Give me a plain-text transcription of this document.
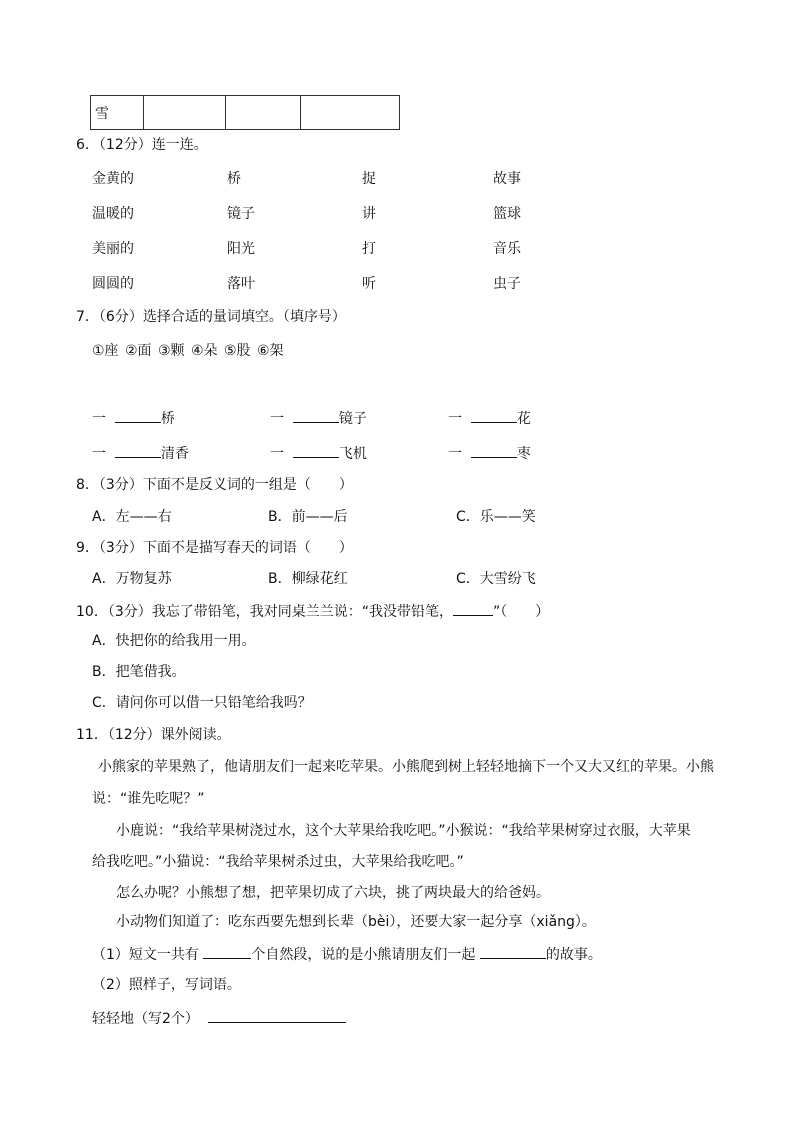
雪			
6．（12分）连一连。
金黄的	桥	捉	故事
温暖的	镜子	讲	篮球
美丽的	阳光	打	音乐
圆圆的	落叶	听	虫子
7．（6分）选择合适的量词填空。（填序号）
①座 ②面 ③颗 ④朵 ⑤股 ⑥架
一	桥	一	镜子	一	花
一	清香	一	飞机	一	枣
8．（3分）下面不是反义词的一组是（　　）
A．左——右	B．前——后	C．乐——笑
9．（3分）下面不是描写春天的词语（　　）
A．万物复苏	B．柳绿花红	C．大雪纷飞
10．（3分）我忘了带铅笔，我对同桌兰兰说：“我没带铅笔，	”（　　）
A．快把你的给我用一用。
B．把笔借我。
C．请问你可以借一只铅笔给我吗？
11．（12分）课外阅读。
小熊家的苹果熟了，他请朋友们一起来吃苹果。小熊爬到树上轻轻地摘下一个又大又红的苹果。小熊
说：“谁先吃呢？”
小鹿说：“我给苹果树浇过水，这个大苹果给我吃吧。”小猴说：“我给苹果树穿过衣服，大苹果
给我吃吧。”小猫说：“我给苹果树杀过虫，大苹果给我吃吧。”
怎么办呢？小熊想了想，把苹果切成了六块，挑了两块最大的给爸妈。
小动物们知道了：吃东西要先想到长辈（bèi），还要大家一起分享（xiǎng）。
（1）短文一共有	个自然段，说的是小熊请朋友们一起	的故事。
（2）照样子，写词语。
轻轻地（写2个）
